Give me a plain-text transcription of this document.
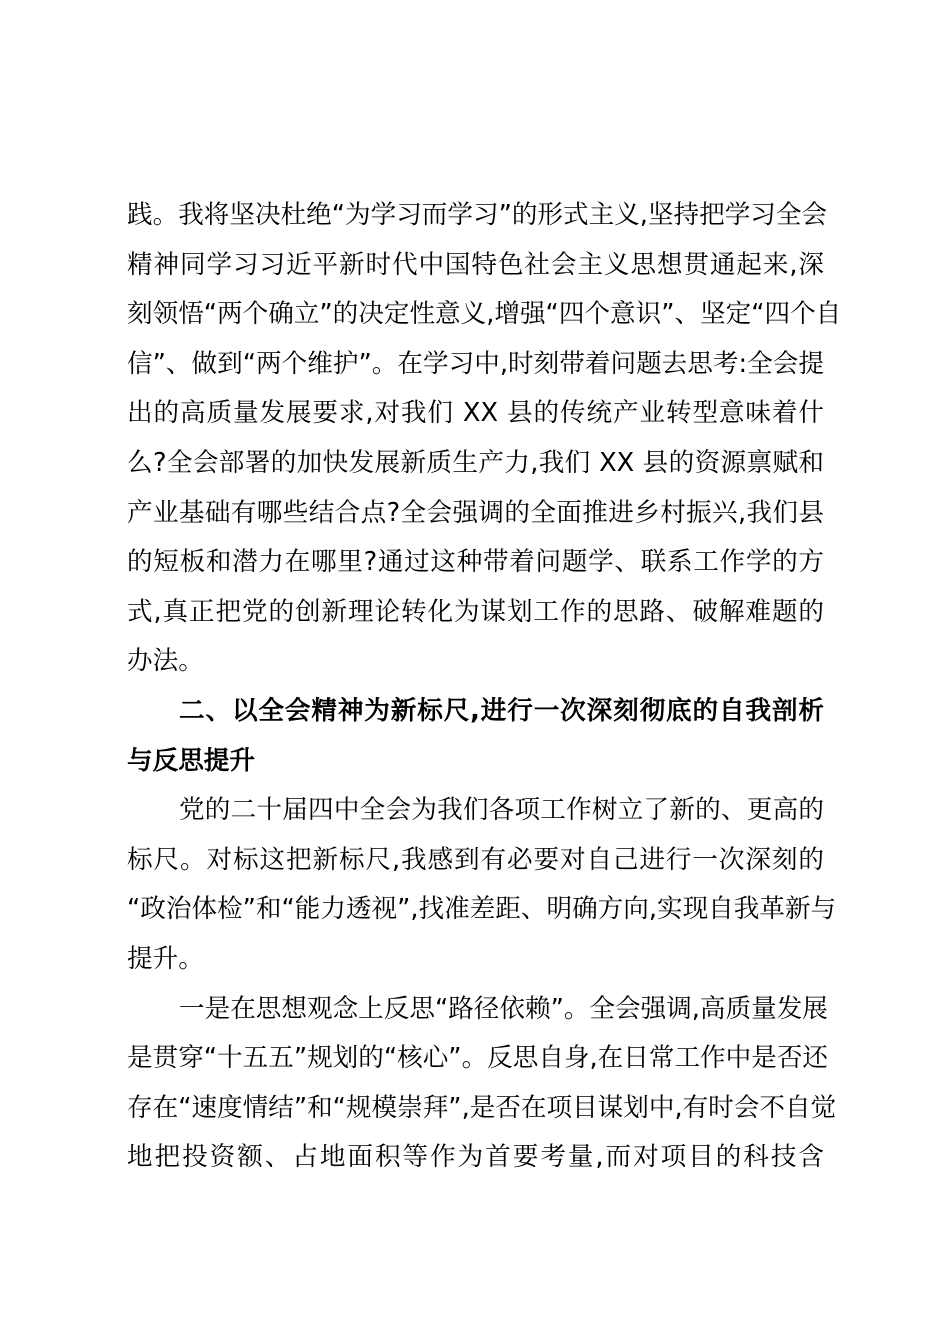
践。我将坚决杜绝“为学习而学习”的形式主义,坚持把学习全会
精神同学习习近平新时代中国特色社会主义思想贯通起来,深
刻领悟“两个确立”的决定性意义,增强“四个意识”、坚定“四个自
信”、做到“两个维护”。在学习中,时刻带着问题去思考:全会提
出的高质量发展要求,对我们 XX 县的传统产业转型意味着什
么?全会部署的加快发展新质生产力,我们 XX 县的资源禀赋和
产业基础有哪些结合点?全会强调的全面推进乡村振兴,我们县
的短板和潜力在哪里?通过这种带着问题学、联系工作学的方
式,真正把党的创新理论转化为谋划工作的思路、破解难题的
办法。
二、以全会精神为新标尺,进行一次深刻彻底的自我剖析
与反思提升
党的二十届四中全会为我们各项工作树立了新的、更高的
标尺。对标这把新标尺,我感到有必要对自己进行一次深刻的
“政治体检”和“能力透视”,找准差距、明确方向,实现自我革新与
提升。
一是在思想观念上反思“路径依赖”。全会强调,高质量发展
是贯穿“十五五”规划的“核心”。反思自身,在日常工作中是否还
存在“速度情结”和“规模崇拜”,是否在项目谋划中,有时会不自觉
地把投资额、占地面积等作为首要考量,而对项目的科技含
